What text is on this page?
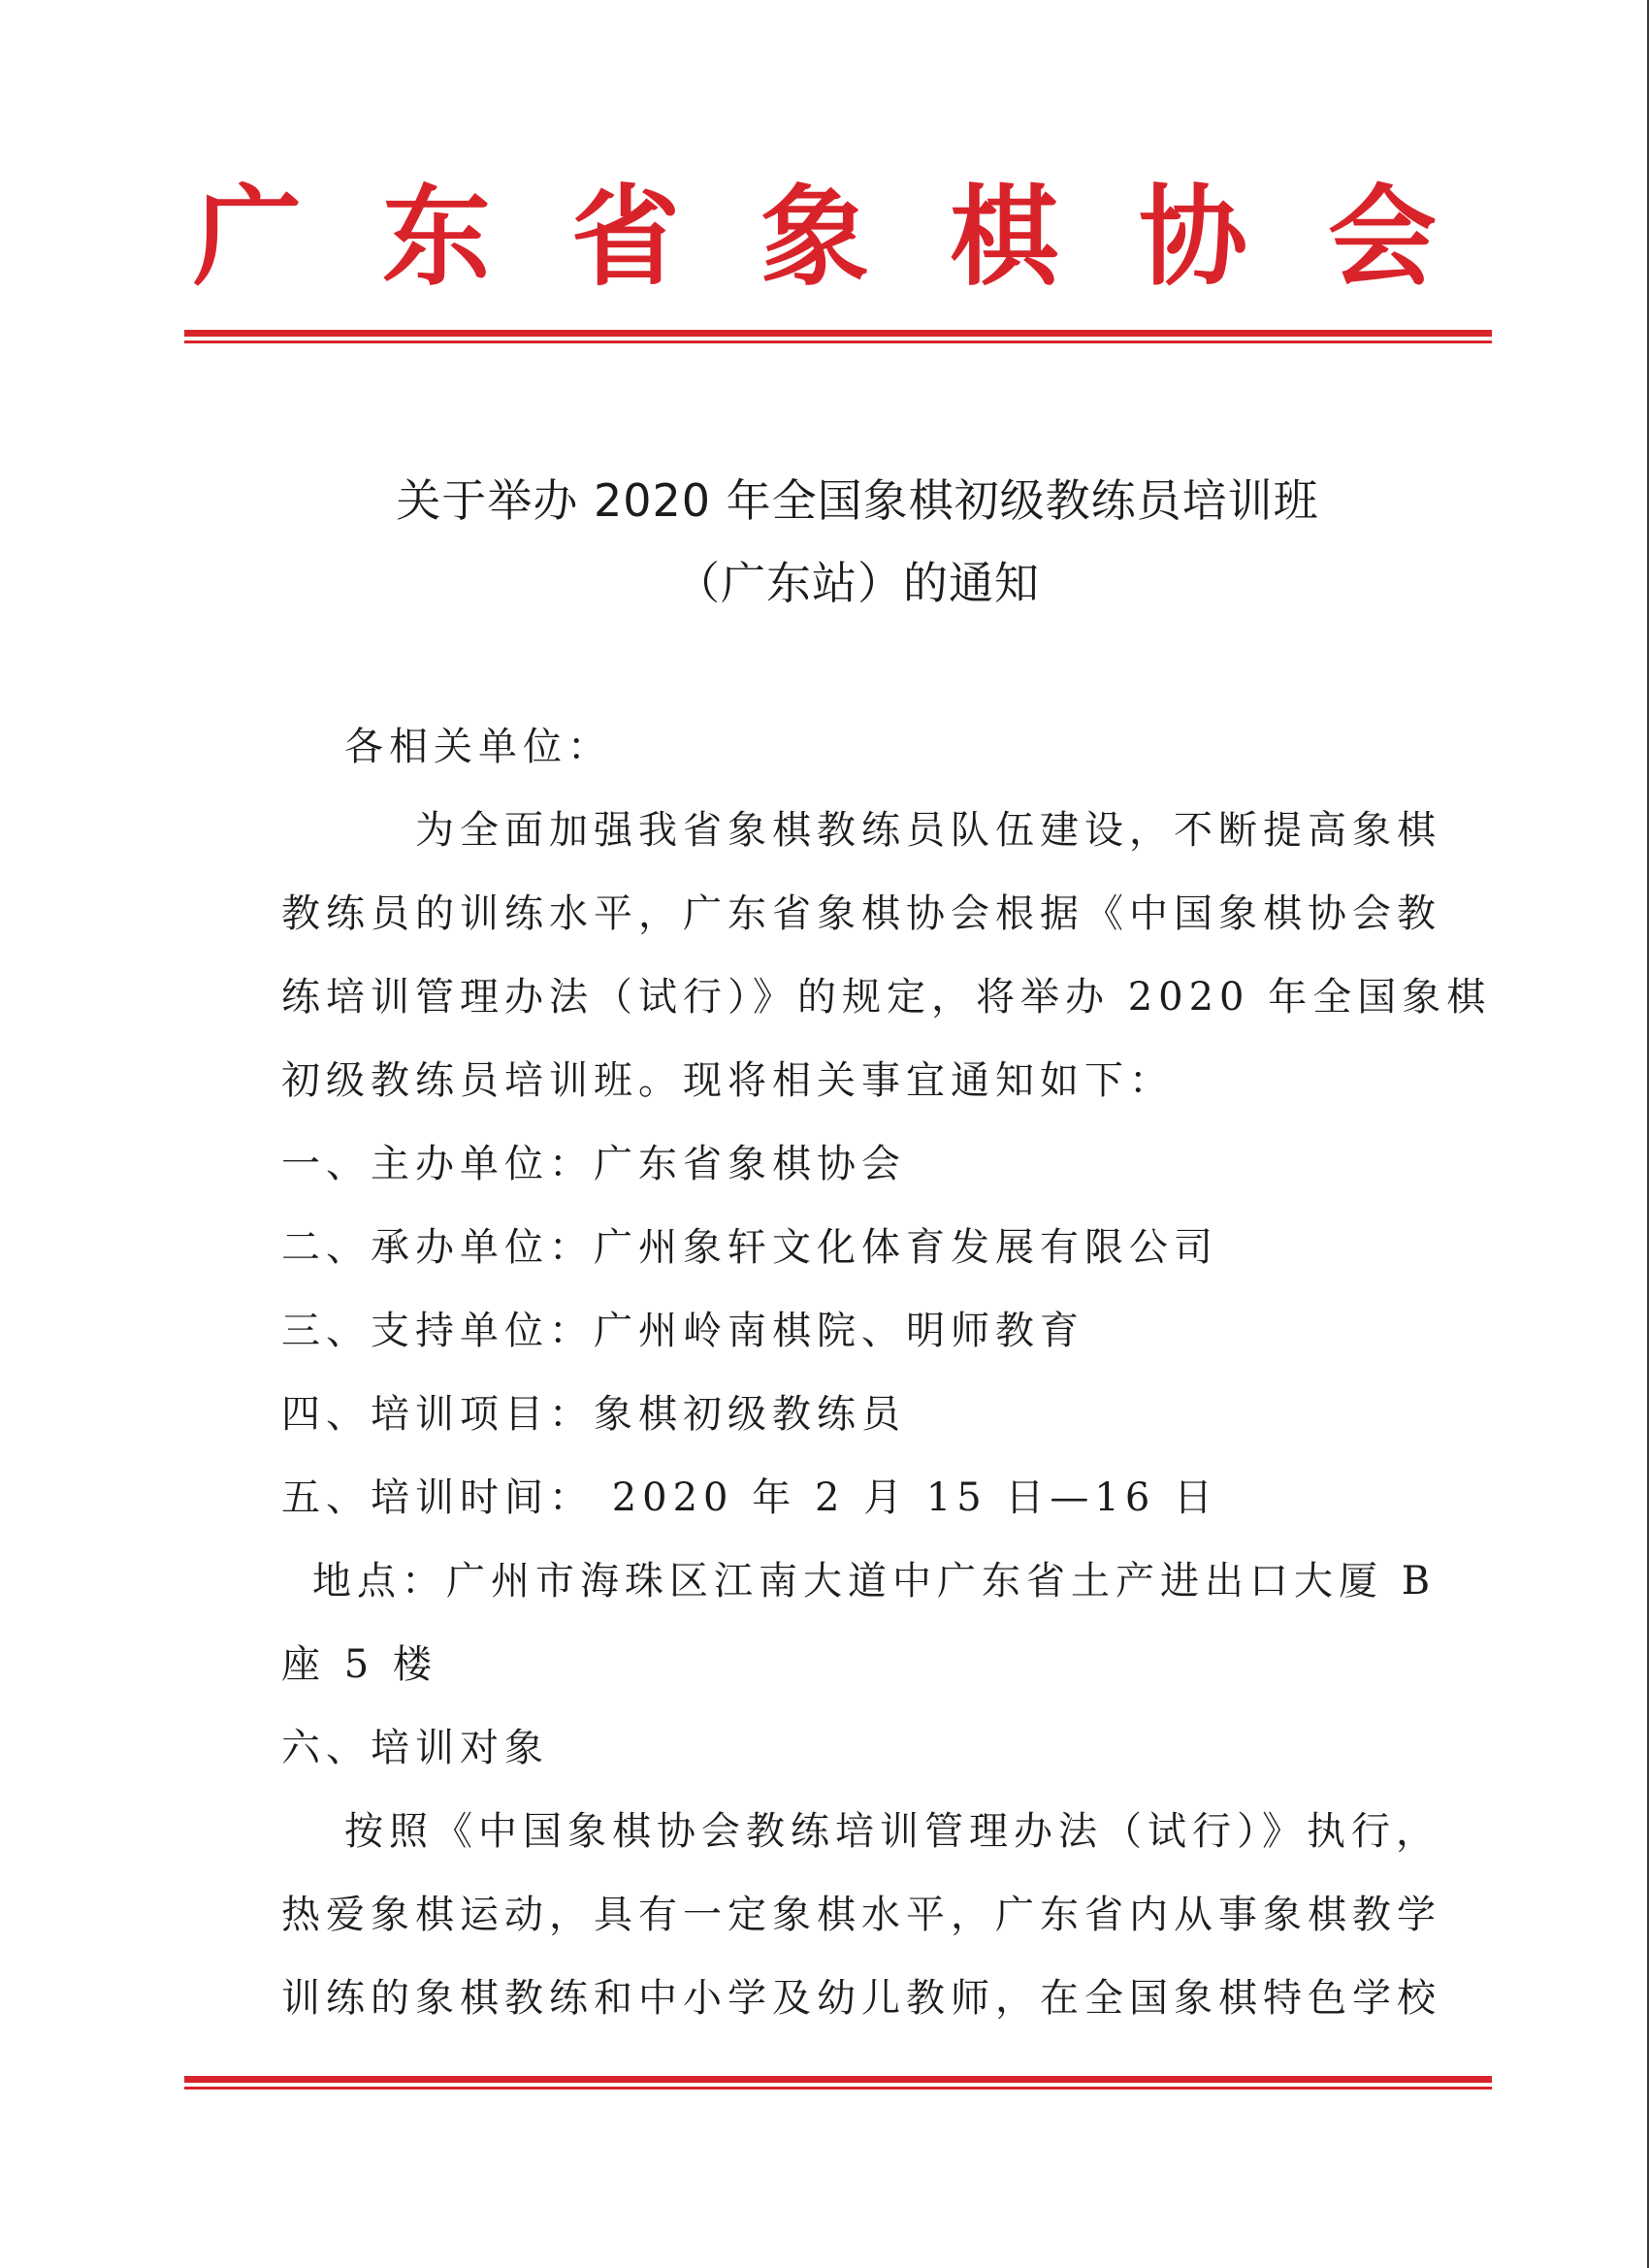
广 东 省 象 棋 协 会
关于举办 2020 年全国象棋初级教练员培训班
（广东站）的通知
各相关单位：
为全面加强我省象棋教练员队伍建设，不断提高象棋
教练员的训练水平，广东省象棋协会根据《中国象棋协会教
练培训管理办法（试行）》的规定，将举办 2020 年全国象棋
初级教练员培训班。现将相关事宜通知如下：
一、主办单位：广东省象棋协会
二、承办单位：广州象轩文化体育发展有限公司
三、支持单位：广州岭南棋院、明师教育
四、培训项目：象棋初级教练员
五、培训时间： 2020 年 2 月 15 日—16 日
地点：广州市海珠区江南大道中广东省土产进出口大厦 B
座 5 楼
六、培训对象
按照《中国象棋协会教练培训管理办法（试行）》执行，
热爱象棋运动，具有一定象棋水平，广东省内从事象棋教学
训练的象棋教练和中小学及幼儿教师，在全国象棋特色学校
